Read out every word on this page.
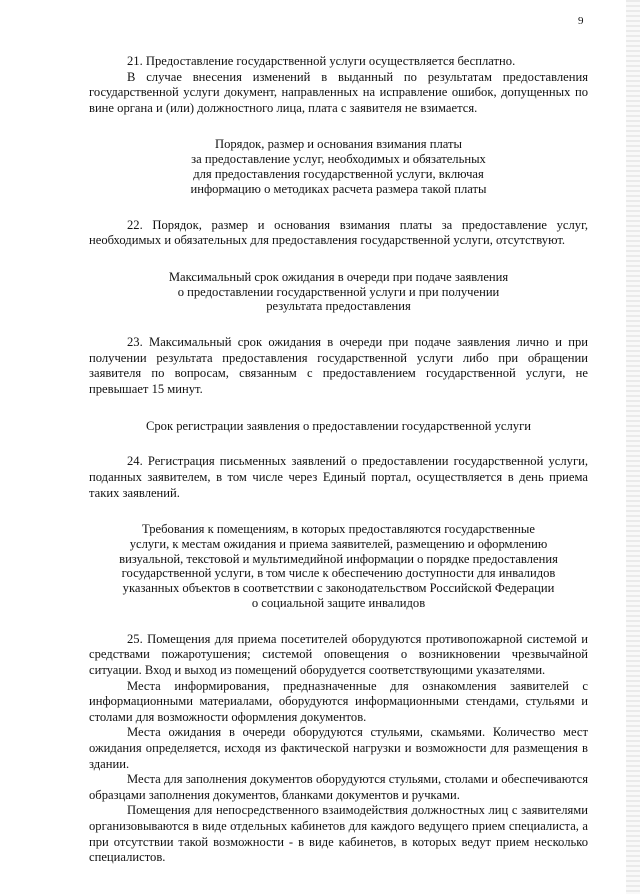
9

21. Предоставление государственной услуги осуществляется бесплатно.

В случае внесения изменений в выданный по результатам предоставления государственной услуги документ, направленных на исправление ошибок, допущенных по вине органа и (или) должностного лица, плата с заявителя не взимается.

Порядок, размер и основания взимания платы

за предоставление услуг, необходимых и обязательных

для предоставления государственной услуги, включая

информацию о методиках расчета размера такой платы

22. Порядок, размер и основания взимания платы за предоставление услуг, необходимых и обязательных для предоставления государственной услуги, отсутствуют.

Максимальный срок ожидания в очереди при подаче заявления

о предоставлении государственной услуги и при получении

результата предоставления

23. Максимальный срок ожидания в очереди при подаче заявления лично и при получении результата предоставления государственной услуги либо при обращении заявителя по вопросам, связанным с предоставлением государственной услуги, не превышает 15 минут.

Срок регистрации заявления о предоставлении государственной услуги

24. Регистрация письменных заявлений о предоставлении государственной услуги, поданных заявителем, в том числе через Единый портал, осуществляется в день приема таких заявлений.

Требования к помещениям, в которых предоставляются государственные

услуги, к местам ожидания и приема заявителей, размещению и оформлению

визуальной, текстовой и мультимедийной информации о порядке предоставления

государственной услуги, в том числе к обеспечению доступности для инвалидов

указанных объектов в соответствии с законодательством Российской Федерации

о социальной защите инвалидов

25. Помещения для приема посетителей оборудуются противопожарной системой и средствами пожаротушения; системой оповещения о возникновении чрезвычайной ситуации. Вход и выход из помещений оборудуется соответствующими указателями.

Места информирования, предназначенные для ознакомления заявителей с информационными материалами, оборудуются информационными стендами, стульями и столами для возможности оформления документов.

Места ожидания в очереди оборудуются стульями, скамьями. Количество мест ожидания определяется, исходя из фактической нагрузки и возможности для размещения в здании.

Места для заполнения документов оборудуются стульями, столами и обеспечиваются образцами заполнения документов, бланками документов и ручками.

Помещения для непосредственного взаимодействия должностных лиц с заявителями организовываются в виде отдельных кабинетов для каждого ведущего прием специалиста, а при отсутствии такой возможности - в виде кабинетов, в которых ведут прием несколько специалистов.
